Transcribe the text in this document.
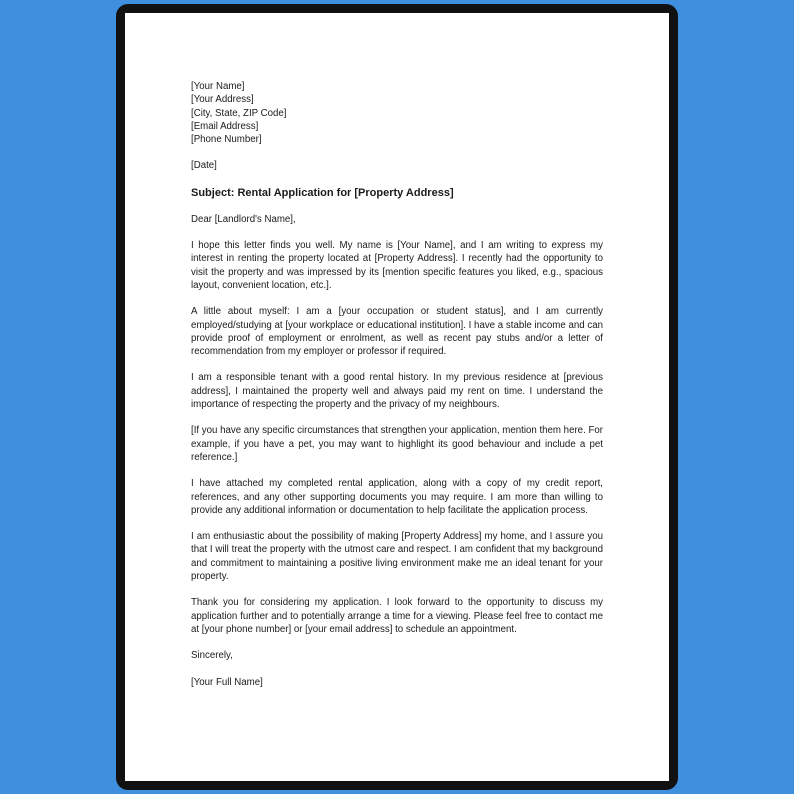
[Your Name]
[Your Address]
[City, State, ZIP Code]
[Email Address]
[Phone Number]
[Date]
Subject: Rental Application for [Property Address]
Dear [Landlord's Name],

I hope this letter finds you well. My name is [Your Name], and I am writing to express my interest in renting the property located at [Property Address]. I recently had the opportunity to visit the property and was impressed by its [mention specific features you liked, e.g., spacious layout, convenient location, etc.].

A little about myself: I am a [your occupation or student status], and I am currently employed/studying at [your workplace or educational institution]. I have a stable income and can provide proof of employment or enrolment, as well as recent pay stubs and/or a letter of recommendation from my employer or professor if required.

I am a responsible tenant with a good rental history. In my previous residence at [previous address], I maintained the property well and always paid my rent on time. I understand the importance of respecting the property and the privacy of my neighbours.

[If you have any specific circumstances that strengthen your application, mention them here. For example, if you have a pet, you may want to highlight its good behaviour and include a pet reference.]

I have attached my completed rental application, along with a copy of my credit report, references, and any other supporting documents you may require. I am more than willing to provide any additional information or documentation to help facilitate the application process.

I am enthusiastic about the possibility of making [Property Address] my home, and I assure you that I will treat the property with the utmost care and respect. I am confident that my background and commitment to maintaining a positive living environment make me an ideal tenant for your property.

Thank you for considering my application. I look forward to the opportunity to discuss my application further and to potentially arrange a time for a viewing. Please feel free to contact me at [your phone number] or [your email address] to schedule an appointment.

Sincerely,
[Your Full Name]
